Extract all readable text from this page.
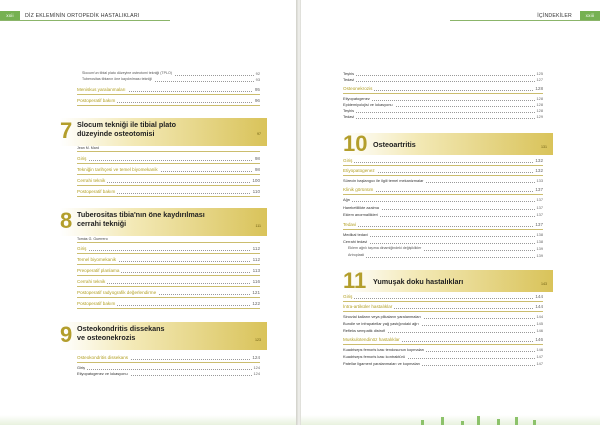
xxii DİZ EKLEMİNİN ORTOPEDİK HASTALIKLARI
Slocum'un tibial plato düzeyine osteotomi tekniği (TPLO)	92
Tuberositas tibianın öne kaydırılması tekniği	93
Meniskus yaralanmaları	95
Postoperatif bakım	96
7 Slocum tekniği ile tibial plato
düzeyinde osteotomisi	97
Jean M. Mard
Giriş	98
Tekniğin tarihçesi ve temel biyomekanik	98
Cerrahi teknik	100
Postoperatif bakım	110
8 Tuberositas tibia'nın öne kaydırılması
cerrahi tekniği	111
Tomás G. Guerrero
Giriş	112
Temel biyomekanik	112
Preoperatif planlama	113
Cerrahi teknik	116
Postoperatif radyografik değerlendirme	121
Postoperatif bakım	122
9 Osteokondritis dissekans
ve osteonekrozis	123
Osteokondritis dissekans	124
Giriş	124
Etiyopatogenez ve lokasyonu	124
İÇİNDEKİLER	xxiii
Teşhis	125
Tedavi	127
Osteonekrozis	128
Etiyopatogenez	128
Epidemiyolojisi ve lokasyonu	128
Teşhis	128
Tedavi	129
10 Osteoartritis	131
Giriş	132
Etiyopatogenez	132
Sürecin başlangıcı ile ilgili temel mekanizmalar	133
Klinik görünüm	137
Ağrı	137
Hareketlilikte azalma	137
Eklem anormallikleri	137
Tedavi	137
Medikal tedavi	138
Cerrahi tedavi	138
Eklem ağrılı taşıma dinamiğindeki değişiklikler	139
Artroplasti	139
11 Yumuşak doku hastalıkları	143
Giriş	144
İntra-artiküler hastalıklar	144
Sinovial kalların veya plikaların yaralanmaları	144
Bundle ve infrapatellar yağ yastığındaki ağrı	145
Refleks sempatik distrofi	146
Muskulotendinöz hastalıklar	146
Kuadriseps femoris kası tendosunun kopmaları	146
Kuadriseps femoris kası kontraktürü	147
Patellar ligament yaralanmaları ve kopmaları	147
